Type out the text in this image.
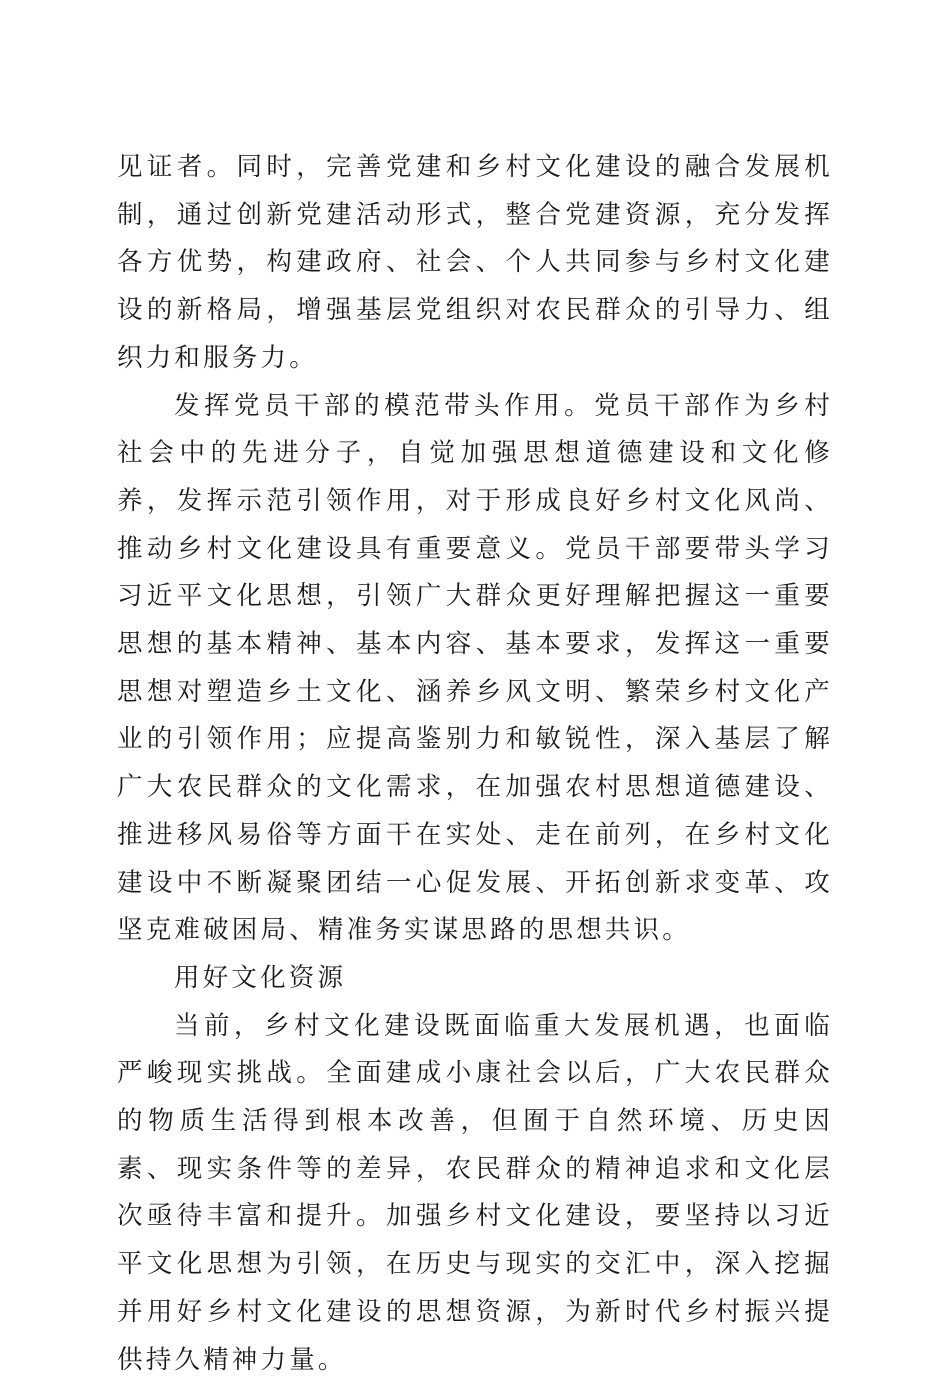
见证者。同时，完善党建和乡村文化建设的融合发展机制，通过创新党建活动形式，整合党建资源，充分发挥各方优势，构建政府、社会、个人共同参与乡村文化建设的新格局，增强基层党组织对农民群众的引导力、组织力和服务力。

发挥党员干部的模范带头作用。党员干部作为乡村社会中的先进分子，自觉加强思想道德建设和文化修养，发挥示范引领作用，对于形成良好乡村文化风尚、推动乡村文化建设具有重要意义。党员干部要带头学习习近平文化思想，引领广大群众更好理解把握这一重要思想的基本精神、基本内容、基本要求，发挥这一重要思想对塑造乡土文化、涵养乡风文明、繁荣乡村文化产业的引领作用；应提高鉴别力和敏锐性，深入基层了解广大农民群众的文化需求，在加强农村思想道德建设、推进移风易俗等方面干在实处、走在前列，在乡村文化建设中不断凝聚团结一心促发展、开拓创新求变革、攻坚克难破困局、精准务实谋思路的思想共识。

用好文化资源

当前，乡村文化建设既面临重大发展机遇，也面临严峻现实挑战。全面建成小康社会以后，广大农民群众的物质生活得到根本改善，但囿于自然环境、历史因素、现实条件等的差异，农民群众的精神追求和文化层次亟待丰富和提升。加强乡村文化建设，要坚持以习近平文化思想为引领，在历史与现实的交汇中，深入挖掘并用好乡村文化建设的思想资源，为新时代乡村振兴提供持久精神力量。
